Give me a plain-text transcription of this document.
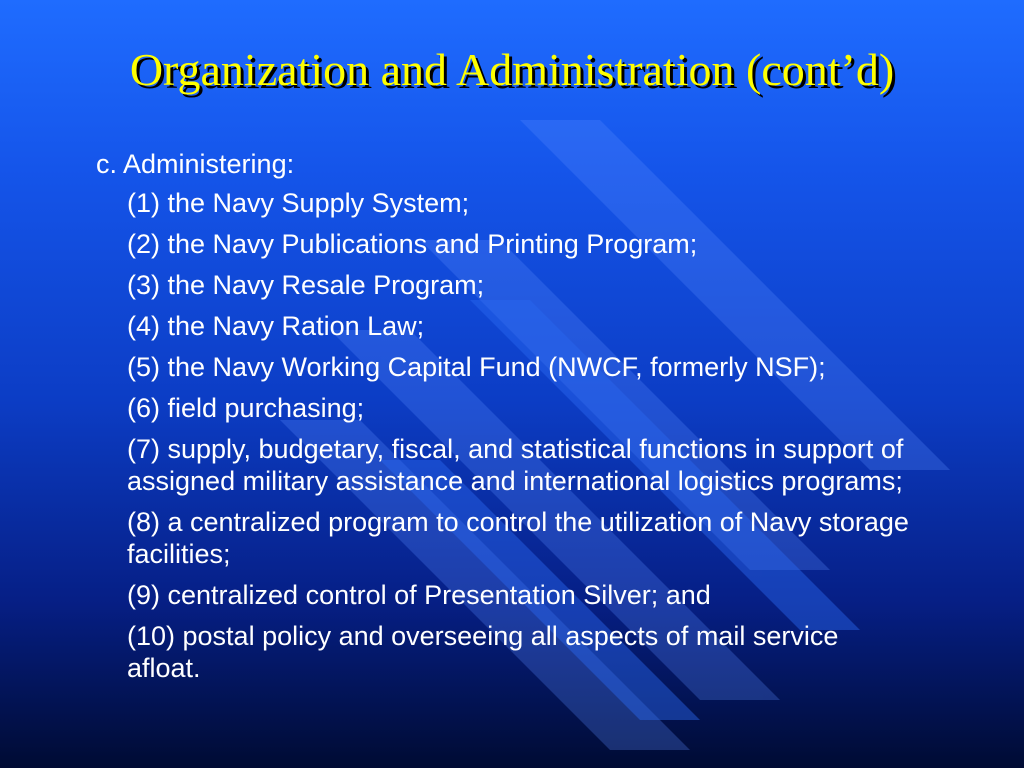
Organization and Administration (cont’d)
c. Administering:
(1) the Navy Supply System;
(2) the Navy Publications and Printing Program;
(3) the Navy Resale Program;
(4) the Navy Ration Law;
(5) the Navy Working Capital Fund (NWCF, formerly NSF);
(6) field purchasing;
(7) supply, budgetary, fiscal, and statistical functions in support of assigned military assistance and international logistics programs;
(8) a centralized program to control the utilization of Navy storage facilities;
(9) centralized control of Presentation Silver; and
(10) postal policy and overseeing all aspects of mail service afloat.
